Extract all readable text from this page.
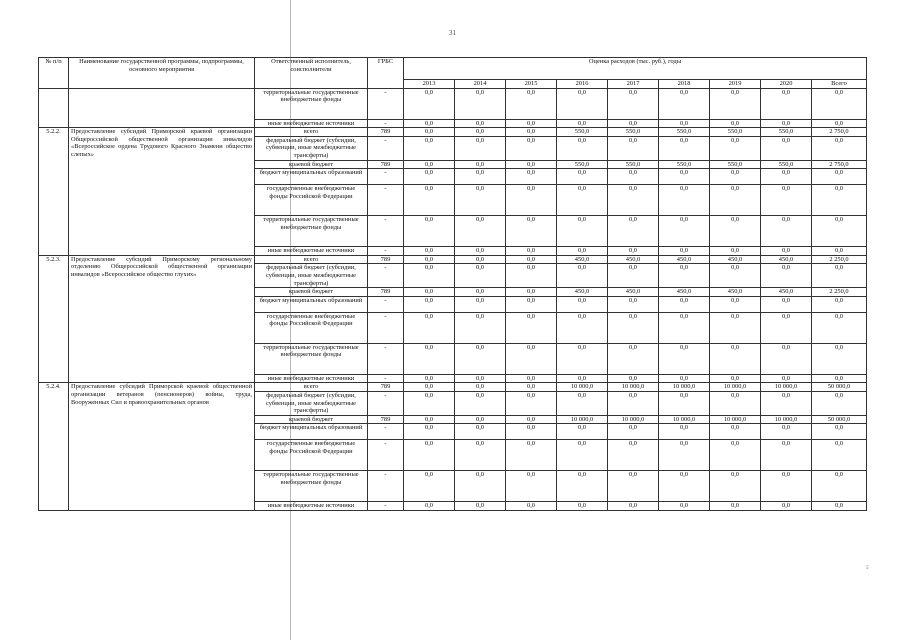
31
№ п/п	Наименование государственной программы, подпрограммы, основного мероприятия	Ответственный исполнитель, соисполнители	ГРБС	Оценка расходов (тыс. руб.), годы								
				2013	2014	2015	2016	2017	2018	2019	2020	Всего
		территориальные государственные внебюджетные фонды	-	0,0	0,0	0,0	0,0	0,0	0,0	0,0	0,0	0,0
		иные внебюджетные источники	-	0,0	0,0	0,0	0,0	0,0	0,0	0,0	0,0	0,0
5.2.2.	Предоставление субсидий Приморской краевой организации Общероссийской общественной организации инвалидов «Всероссийское ордена Трудового Красного Знамени общество слепых»	всего	789	0,0	0,0	0,0	550,0	550,0	550,0	550,0	550,0	2 750,0
		федеральный бюджет (субсидии, субвенции, иные межбюджетные трансферты)	-	0,0	0,0	0,0	0,0	0,0	0,0	0,0	0,0	0,0
		краевой бюджет	789	0,0	0,0	0,0	550,0	550,0	550,0	550,0	550,0	2 750,0
		бюджет муниципальных образований	-	0,0	0,0	0,0	0,0	0,0	0,0	0,0	0,0	0,0
		государственные внебюджетные фонды Российской Федерации	-	0,0	0,0	0,0	0,0	0,0	0,0	0,0	0,0	0,0
		территориальные государственные внебюджетные фонды	-	0,0	0,0	0,0	0,0	0,0	0,0	0,0	0,0	0,0
		иные внебюджетные источники	-	0,0	0,0	0,0	0,0	0,0	0,0	0,0	0,0	0,0
5.2.3.	Предоставление субсидий Приморскому региональному отделению Общероссийской общественной организации инвалидов «Всероссийское общество глухих»	всего	789	0,0	0,0	0,0	450,0	450,0	450,0	450,0	450,0	2 250,0
		федеральный бюджет (субсидии, субвенции, иные межбюджетные трансферты)	-	0,0	0,0	0,0	0,0	0,0	0,0	0,0	0,0	0,0
		краевой бюджет	789	0,0	0,0	0,0	450,0	450,0	450,0	450,0	450,0	2 250,0
		бюджет муниципальных образований	-	0,0	0,0	0,0	0,0	0,0	0,0	0,0	0,0	0,0
		государственные внебюджетные фонды Российской Федерации	-	0,0	0,0	0,0	0,0	0,0	0,0	0,0	0,0	0,0
		территориальные государственные внебюджетные фонды	-	0,0	0,0	0,0	0,0	0,0	0,0	0,0	0,0	0,0
		иные внебюджетные источники	-	0,0	0,0	0,0	0,0	0,0	0,0	0,0	0,0	0,0
5.2.4.	Предоставление субсидий Приморской краевой общественной организации ветеранов (пенсионеров) войны, труда, Вооруженных Сил и правоохранительных органов	всего	789	0,0	0,0	0,0	10 000,0	10 000,0	10 000,0	10 000,0	10 000,0	50 000,0
		федеральный бюджет (субсидии, субвенции, иные межбюджетные трансферты)	-	0,0	0,0	0,0	0,0	0,0	0,0	0,0	0,0	0,0
		краевой бюджет	789	0,0	0,0	0,0	10 000,0	10 000,0	10 000,0	10 000,0	10 000,0	50 000,0
		бюджет муниципальных образований	-	0,0	0,0	0,0	0,0	0,0	0,0	0,0	0,0	0,0
		государственные внебюджетные фонды Российской Федерации	-	0,0	0,0	0,0	0,0	0,0	0,0	0,0	0,0	0,0
		территориальные государственные внебюджетные фонды	-	0,0	0,0	0,0	0,0	0,0	0,0	0,0	0,0	0,0
		иные внебюджетные источники	-	0,0	0,0	0,0	0,0	0,0	0,0	0,0	0,0	0,0
5
